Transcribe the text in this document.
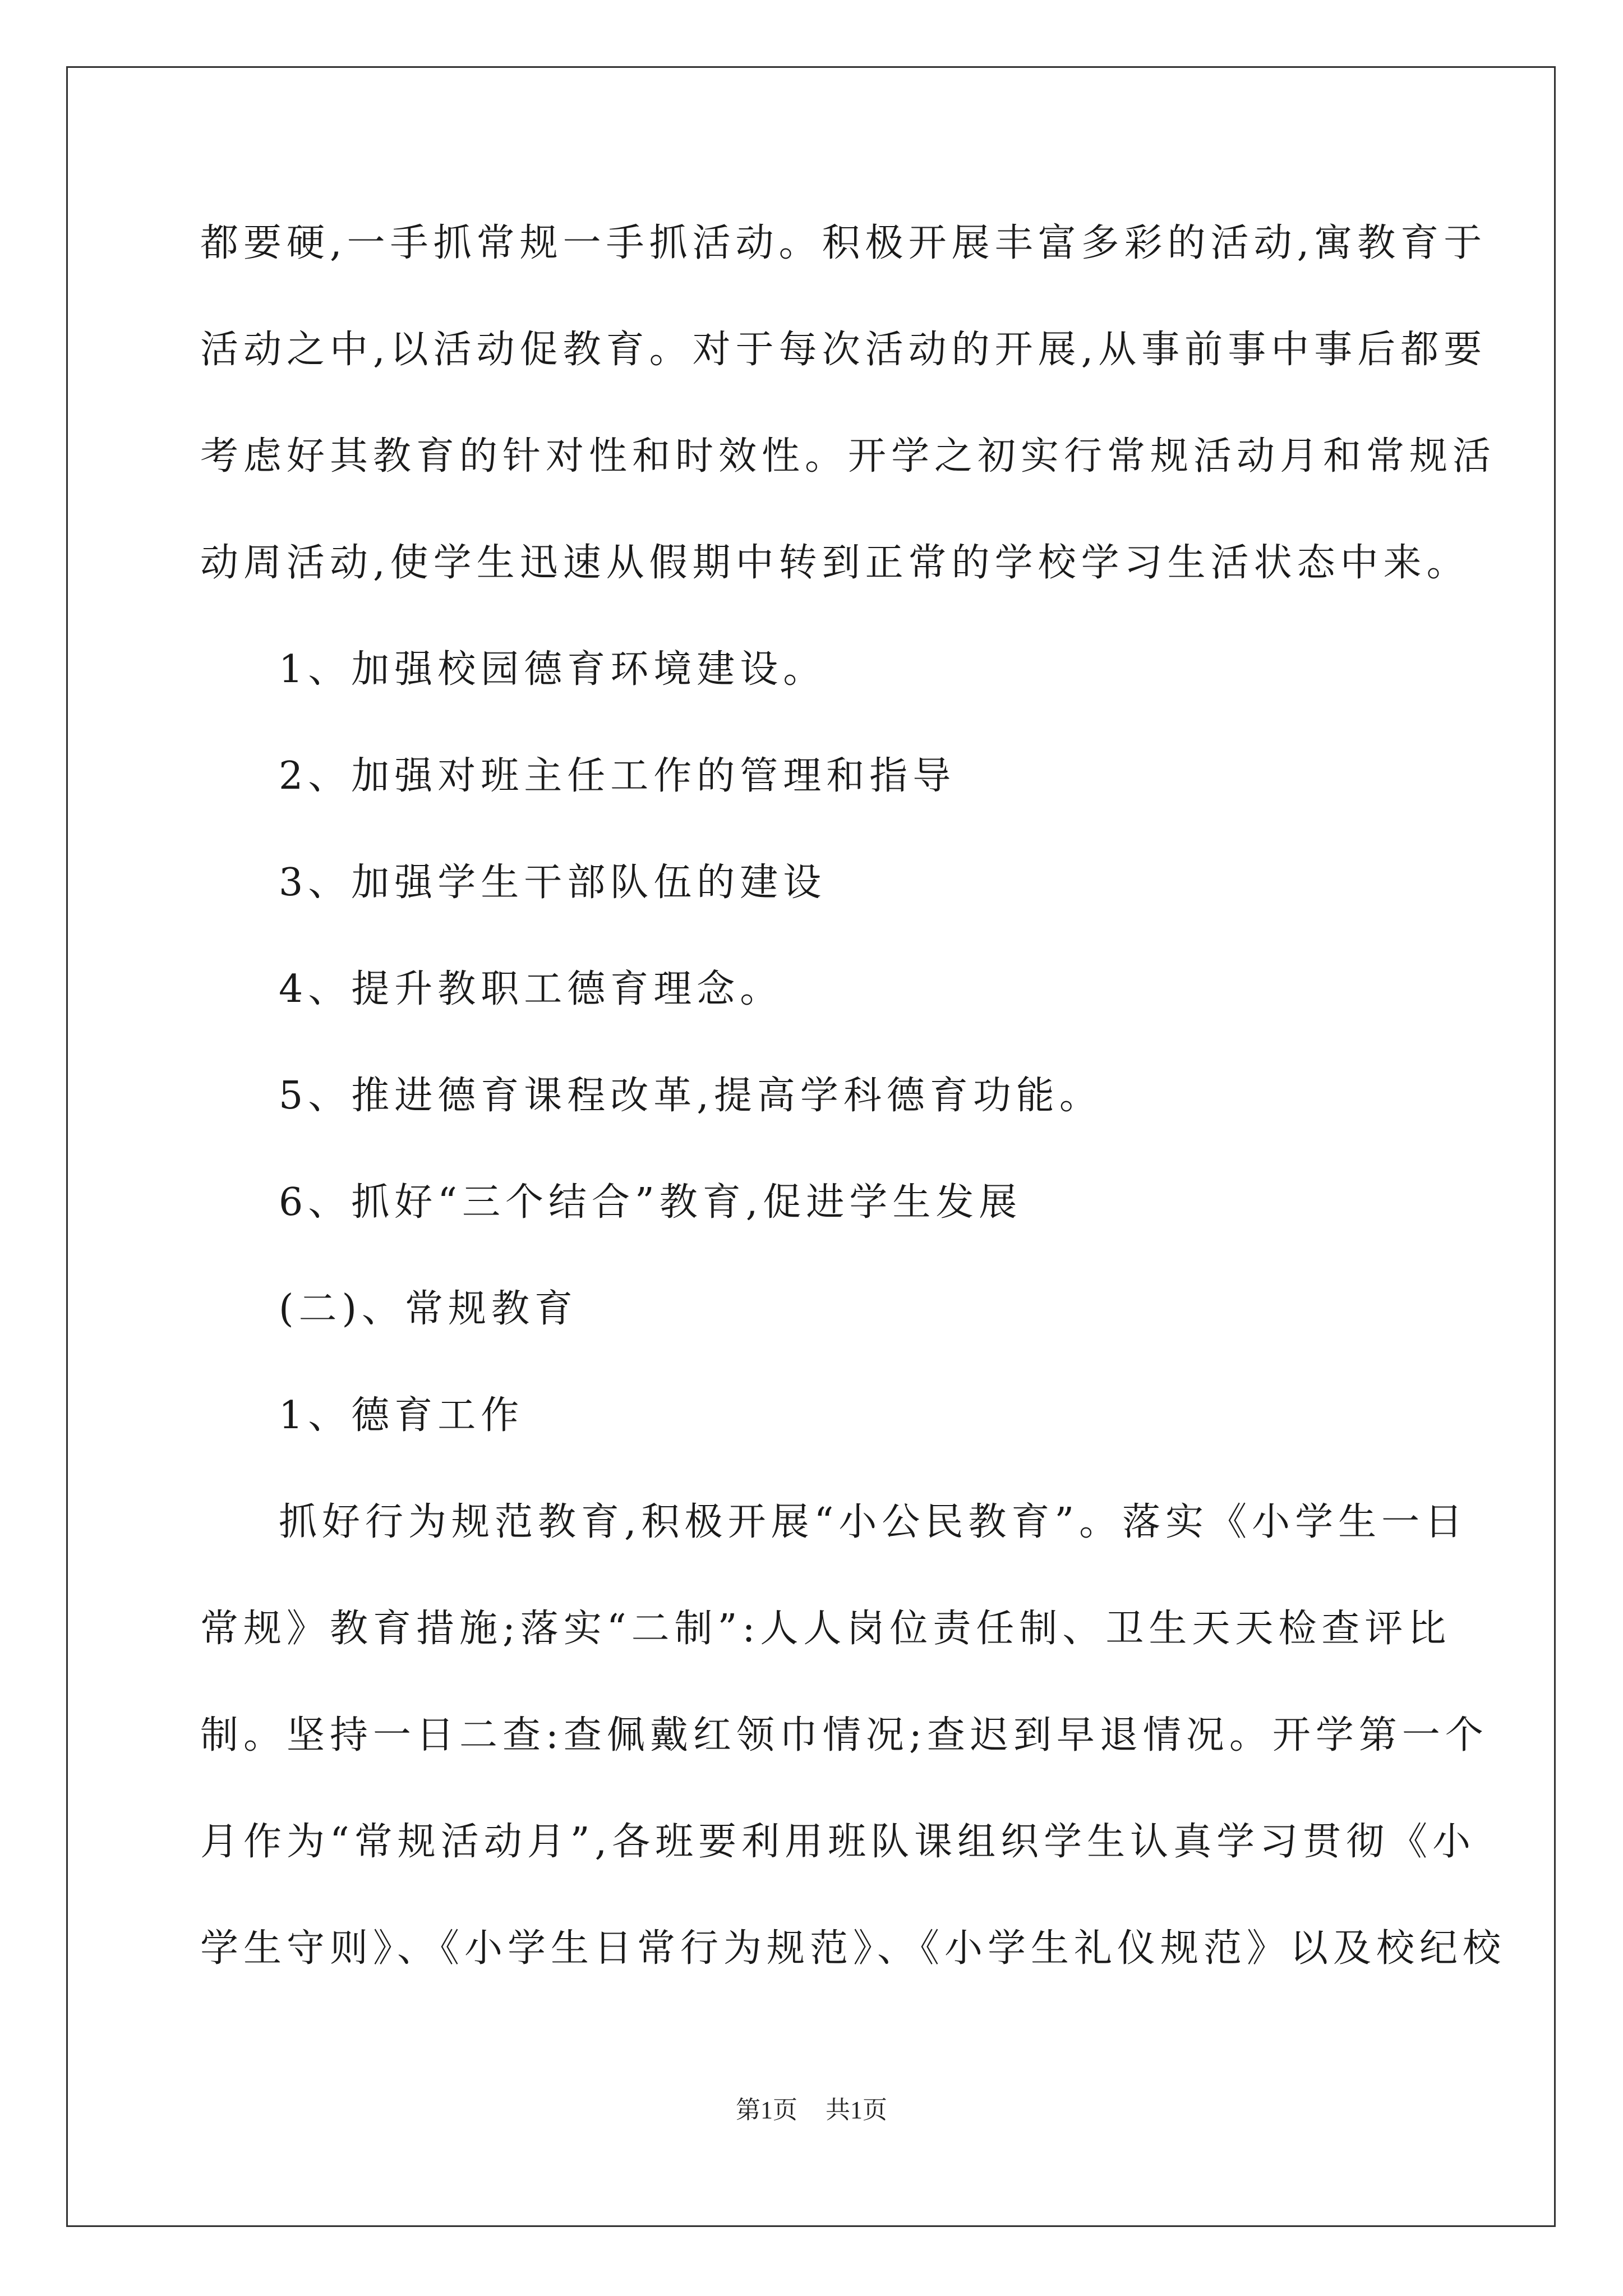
都要硬,一手抓常规一手抓活动。积极开展丰富多彩的活动,寓教育于
活动之中,以活动促教育。对于每次活动的开展,从事前事中事后都要
考虑好其教育的针对性和时效性。开学之初实行常规活动月和常规活
动周活动,使学生迅速从假期中转到正常的学校学习生活状态中来。
1、加强校园德育环境建设。
2、加强对班主任工作的管理和指导
3、加强学生干部队伍的建设
4、提升教职工德育理念。
5、推进德育课程改革,提高学科德育功能。
6、抓好“三个结合”教育,促进学生发展
(二)、常规教育
1、德育工作
抓好行为规范教育,积极开展“小公民教育”。落实《小学生一日
常规》教育措施;落实“二制”:人人岗位责任制、卫生天天检查评比
制。坚持一日二查:查佩戴红领巾情况;查迟到早退情况。开学第一个
月作为“常规活动月”,各班要利用班队课组织学生认真学习贯彻《小
学生守则》、《小学生日常行为规范》、《小学生礼仪规范》以及校纪校
第1页 共1页
